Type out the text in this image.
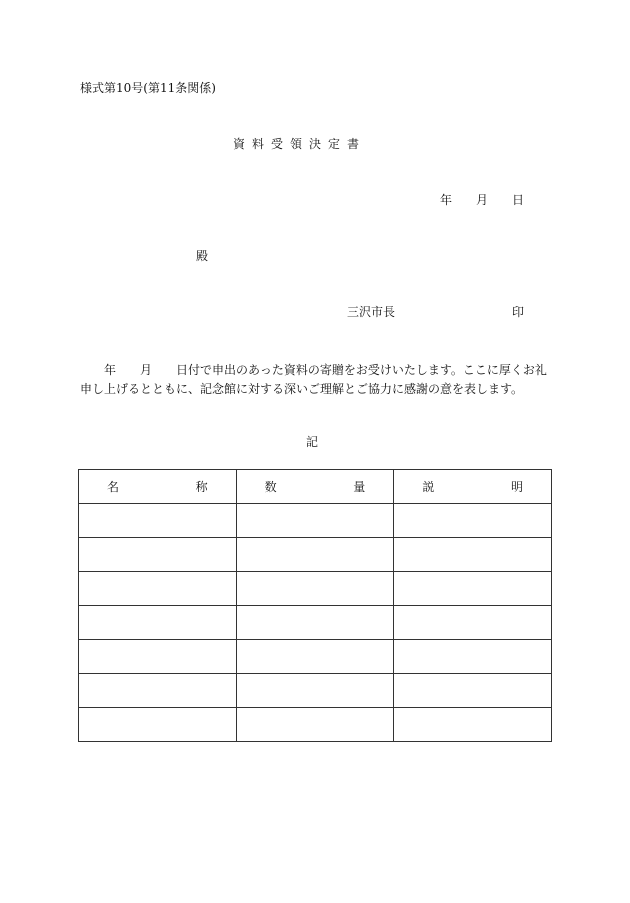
様式第10号(第11条関係)
資料受領決定書
年 月 日
殿
三沢市長	印
　　年　　月　　日付で申出のあった資料の寄贈をお受けいたします。ここに厚くお礼
申し上げるとともに、記念館に対する深いご理解とご協力に感謝の意を表します。
記
名 称	数 量	説 明
